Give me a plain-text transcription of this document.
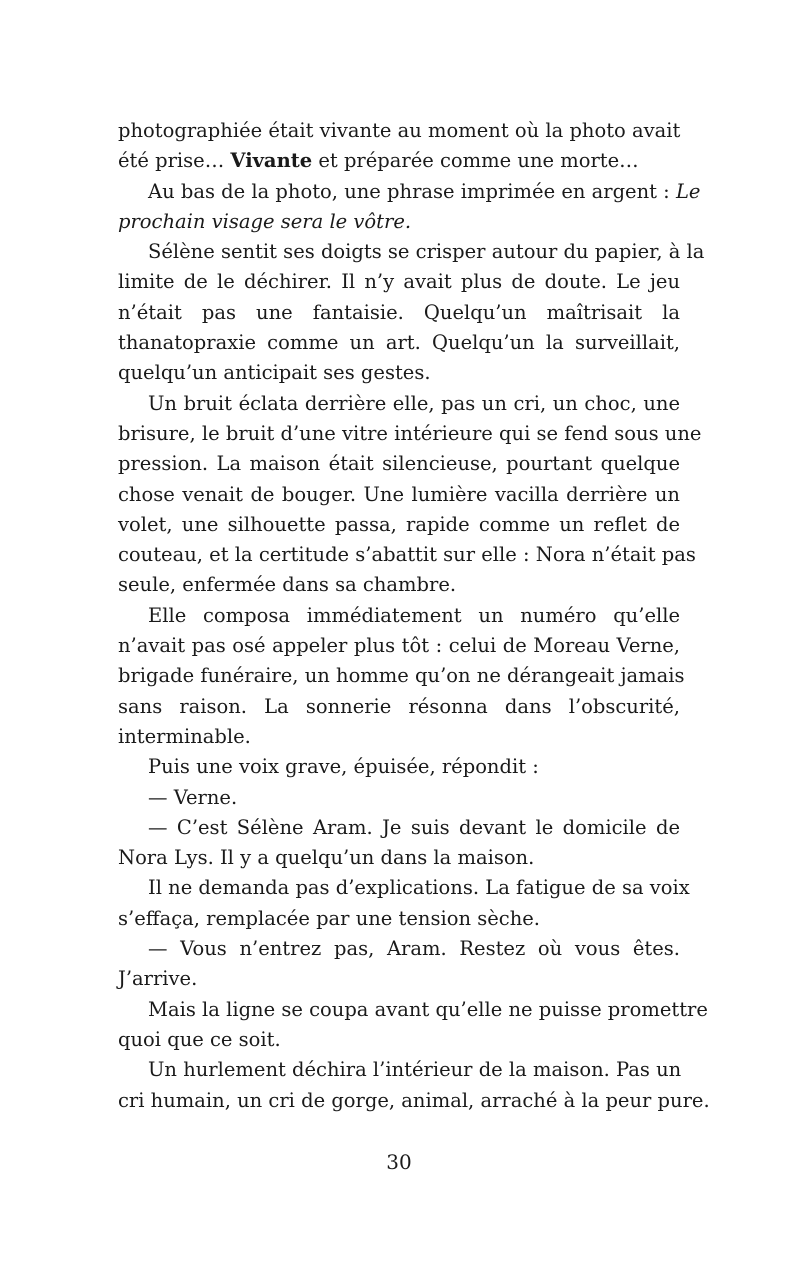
photographiée était vivante au moment où la photo avait
été prise… Vivante et préparée comme une morte…
Au bas de la photo, une phrase imprimée en argent : Le
prochain visage sera le vôtre.
Sélène sentit ses doigts se crisper autour du papier, à la
limite de le déchirer. Il n’y avait plus de doute. Le jeu
n’était pas une fantaisie. Quelqu’un maîtrisait la
thanatopraxie comme un art. Quelqu’un la surveillait,
quelqu’un anticipait ses gestes.
Un bruit éclata derrière elle, pas un cri, un choc, une
brisure, le bruit d’une vitre intérieure qui se fend sous une
pression. La maison était silencieuse, pourtant quelque
chose venait de bouger. Une lumière vacilla derrière un
volet, une silhouette passa, rapide comme un reflet de
couteau, et la certitude s’abattit sur elle : Nora n’était pas
seule, enfermée dans sa chambre.
Elle composa immédiatement un numéro qu’elle
n’avait pas osé appeler plus tôt : celui de Moreau Verne,
brigade funéraire, un homme qu’on ne dérangeait jamais
sans raison. La sonnerie résonna dans l’obscurité,
interminable.
Puis une voix grave, épuisée, répondit :
— Verne.
— C’est Sélène Aram. Je suis devant le domicile de
Nora Lys. Il y a quelqu’un dans la maison.
Il ne demanda pas d’explications. La fatigue de sa voix
s’effaça, remplacée par une tension sèche.
— Vous n’entrez pas, Aram. Restez où vous êtes.
J’arrive.
Mais la ligne se coupa avant qu’elle ne puisse promettre
quoi que ce soit.
Un hurlement déchira l’intérieur de la maison. Pas un
cri humain, un cri de gorge, animal, arraché à la peur pure.
30
